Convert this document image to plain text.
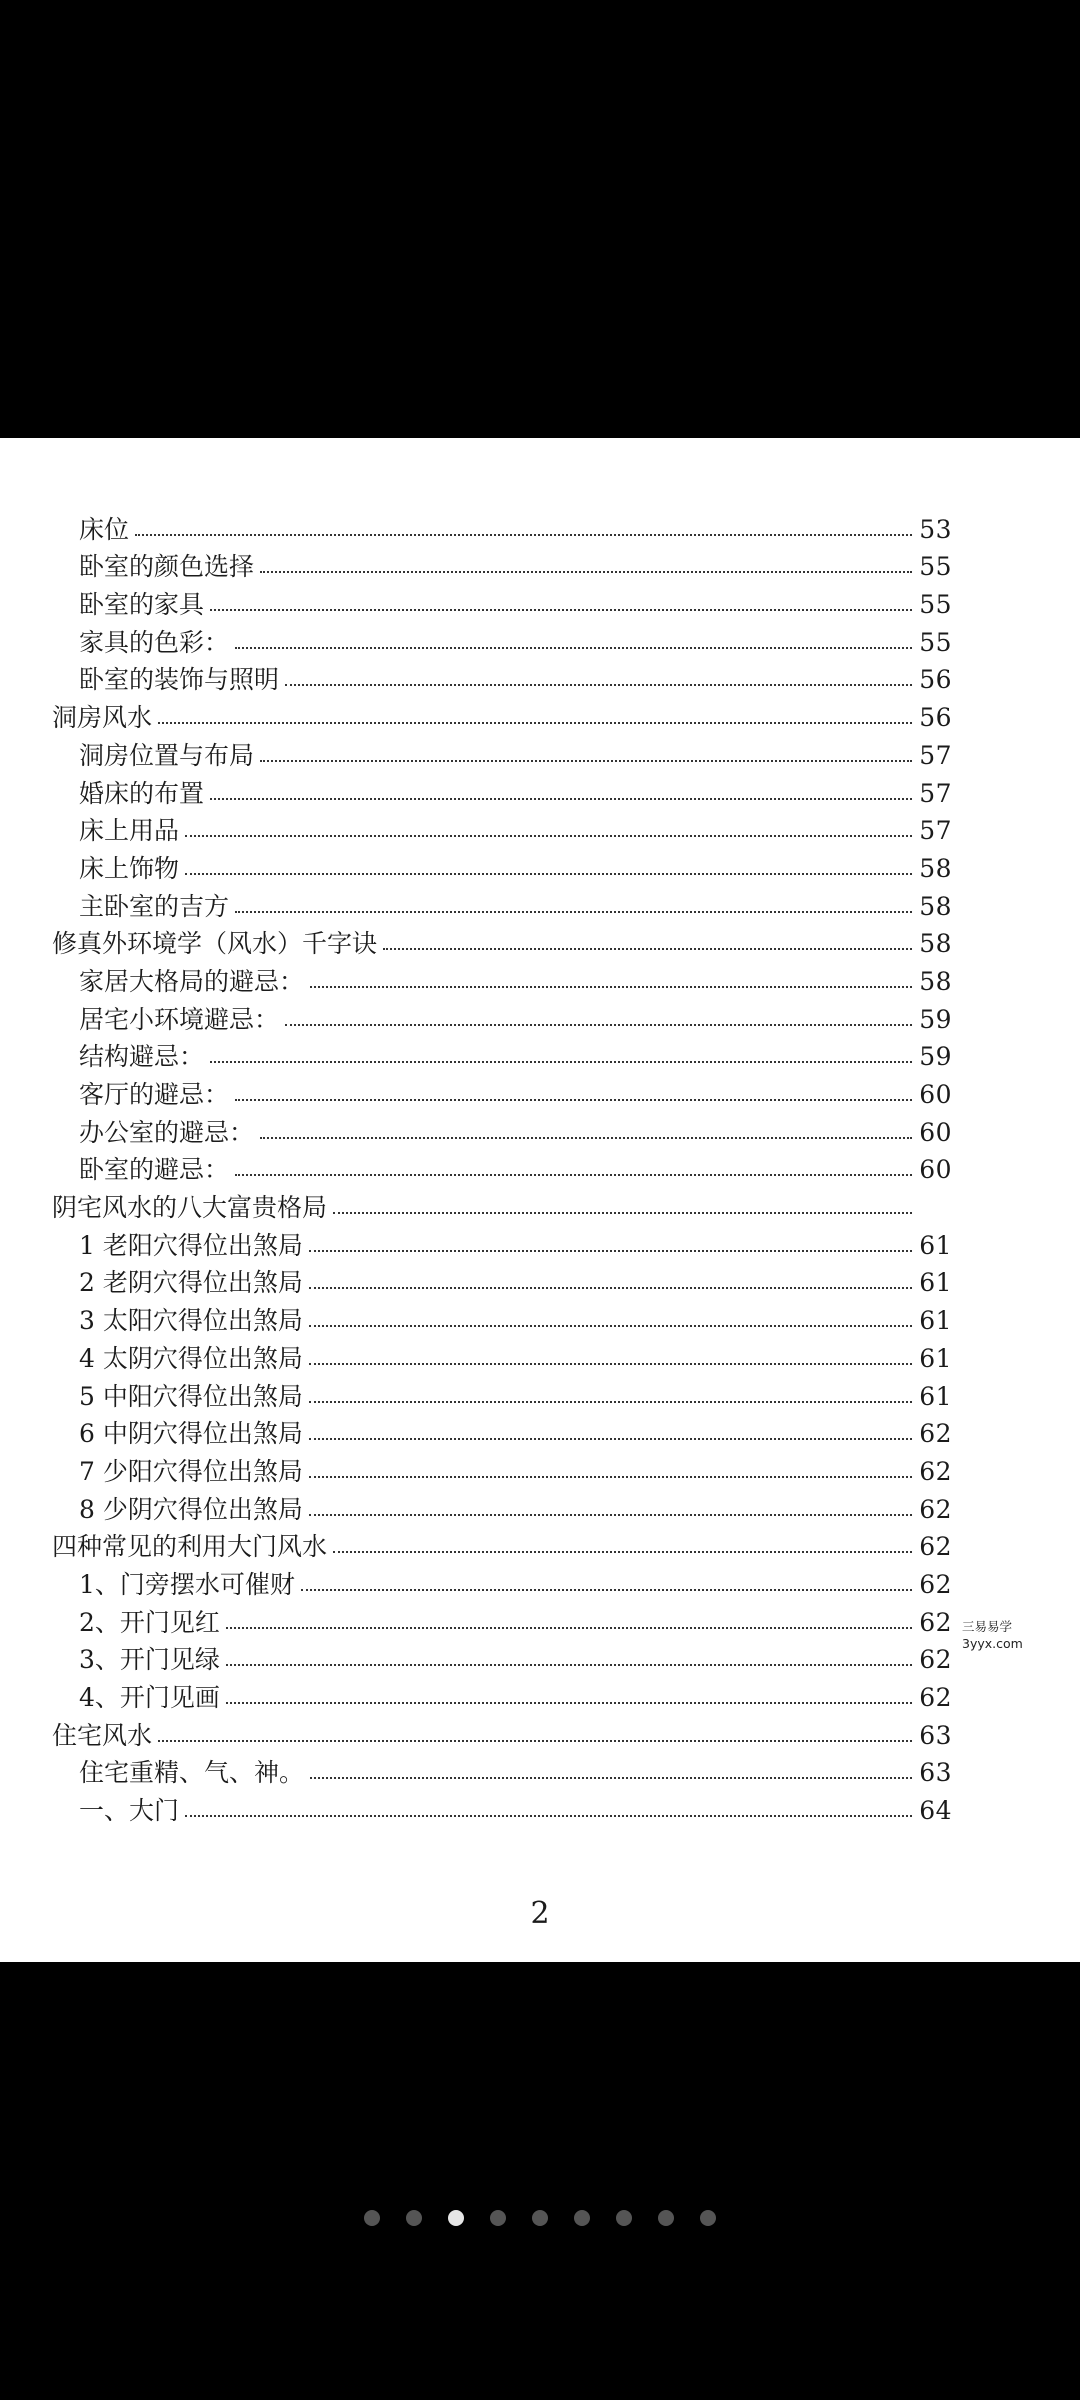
床位	53
卧室的颜色选择	55
卧室的家具	55
家具的色彩：	55
卧室的装饰与照明	56
洞房风水	56
洞房位置与布局	57
婚床的布置	57
床上用品	57
床上饰物	58
主卧室的吉方	58
修真外环境学（风水）千字诀	58
家居大格局的避忌：	58
居宅小环境避忌：	59
结构避忌：	59
客厅的避忌：	60
办公室的避忌：	60
卧室的避忌：	60
阴宅风水的八大富贵格局
1 老阳穴得位出煞局	61
2 老阴穴得位出煞局	61
3 太阳穴得位出煞局	61
4 太阴穴得位出煞局	61
5 中阳穴得位出煞局	61
6 中阴穴得位出煞局	62
7 少阳穴得位出煞局	62
8 少阴穴得位出煞局	62
四种常见的利用大门风水	62
1、门旁摆水可催财	62
2、开门见红	62
3、开门见绿	62
4、开门见画	62
住宅风水	63
住宅重精、气、神。	63
一、大门	64
2
三易易学
3yyx.com
